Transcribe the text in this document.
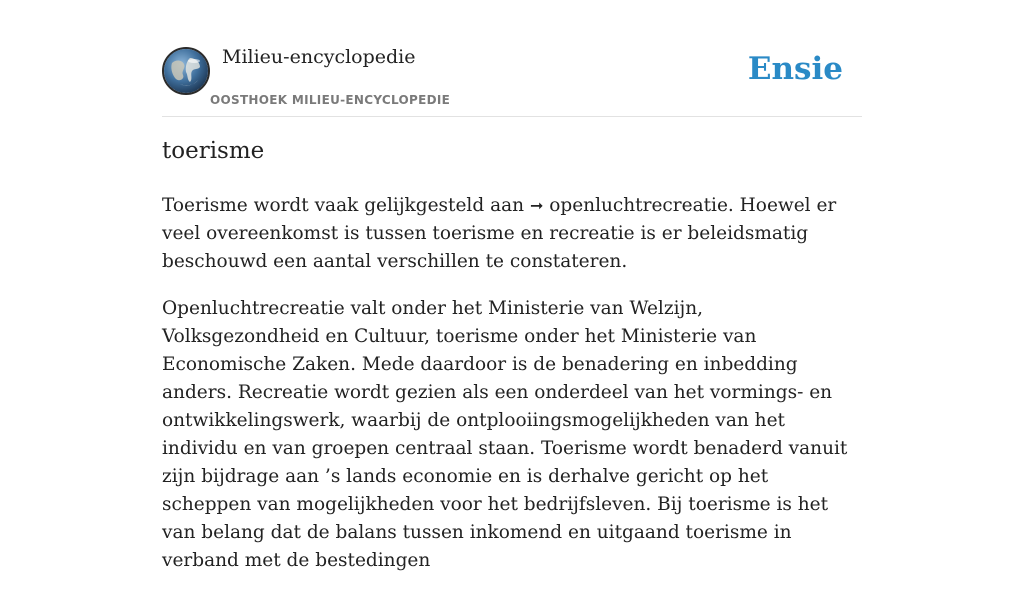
Milieu-encyclopedie
OOSTHOEK MILIEU-ENCYCLOPEDIE
Ensie
toerisme

Toerisme wordt vaak gelijkgesteld aan ➞ openluchtrecreatie. Hoewel er veel overeenkomst is tussen toerisme en recreatie is er beleidsmatig beschouwd een aantal verschillen te constateren.

Openluchtrecreatie valt onder het Ministerie van Welzijn, Volksgezondheid en Cultuur, toerisme onder het Ministerie van Economische Zaken. Mede daardoor is de benadering en inbedding anders. Recreatie wordt gezien als een onderdeel van het vormings- en ontwikkelingswerk, waarbij de ontplooiingsmogelijkheden van het individu en van groepen centraal staan. Toerisme wordt benaderd vanuit zijn bijdrage aan ’s lands economie en is derhalve gericht op het scheppen van mogelijkheden voor het bedrijfsleven. Bij toerisme is het van belang dat de balans tussen inkomend en uitgaand toerisme in verband met de bestedingen
